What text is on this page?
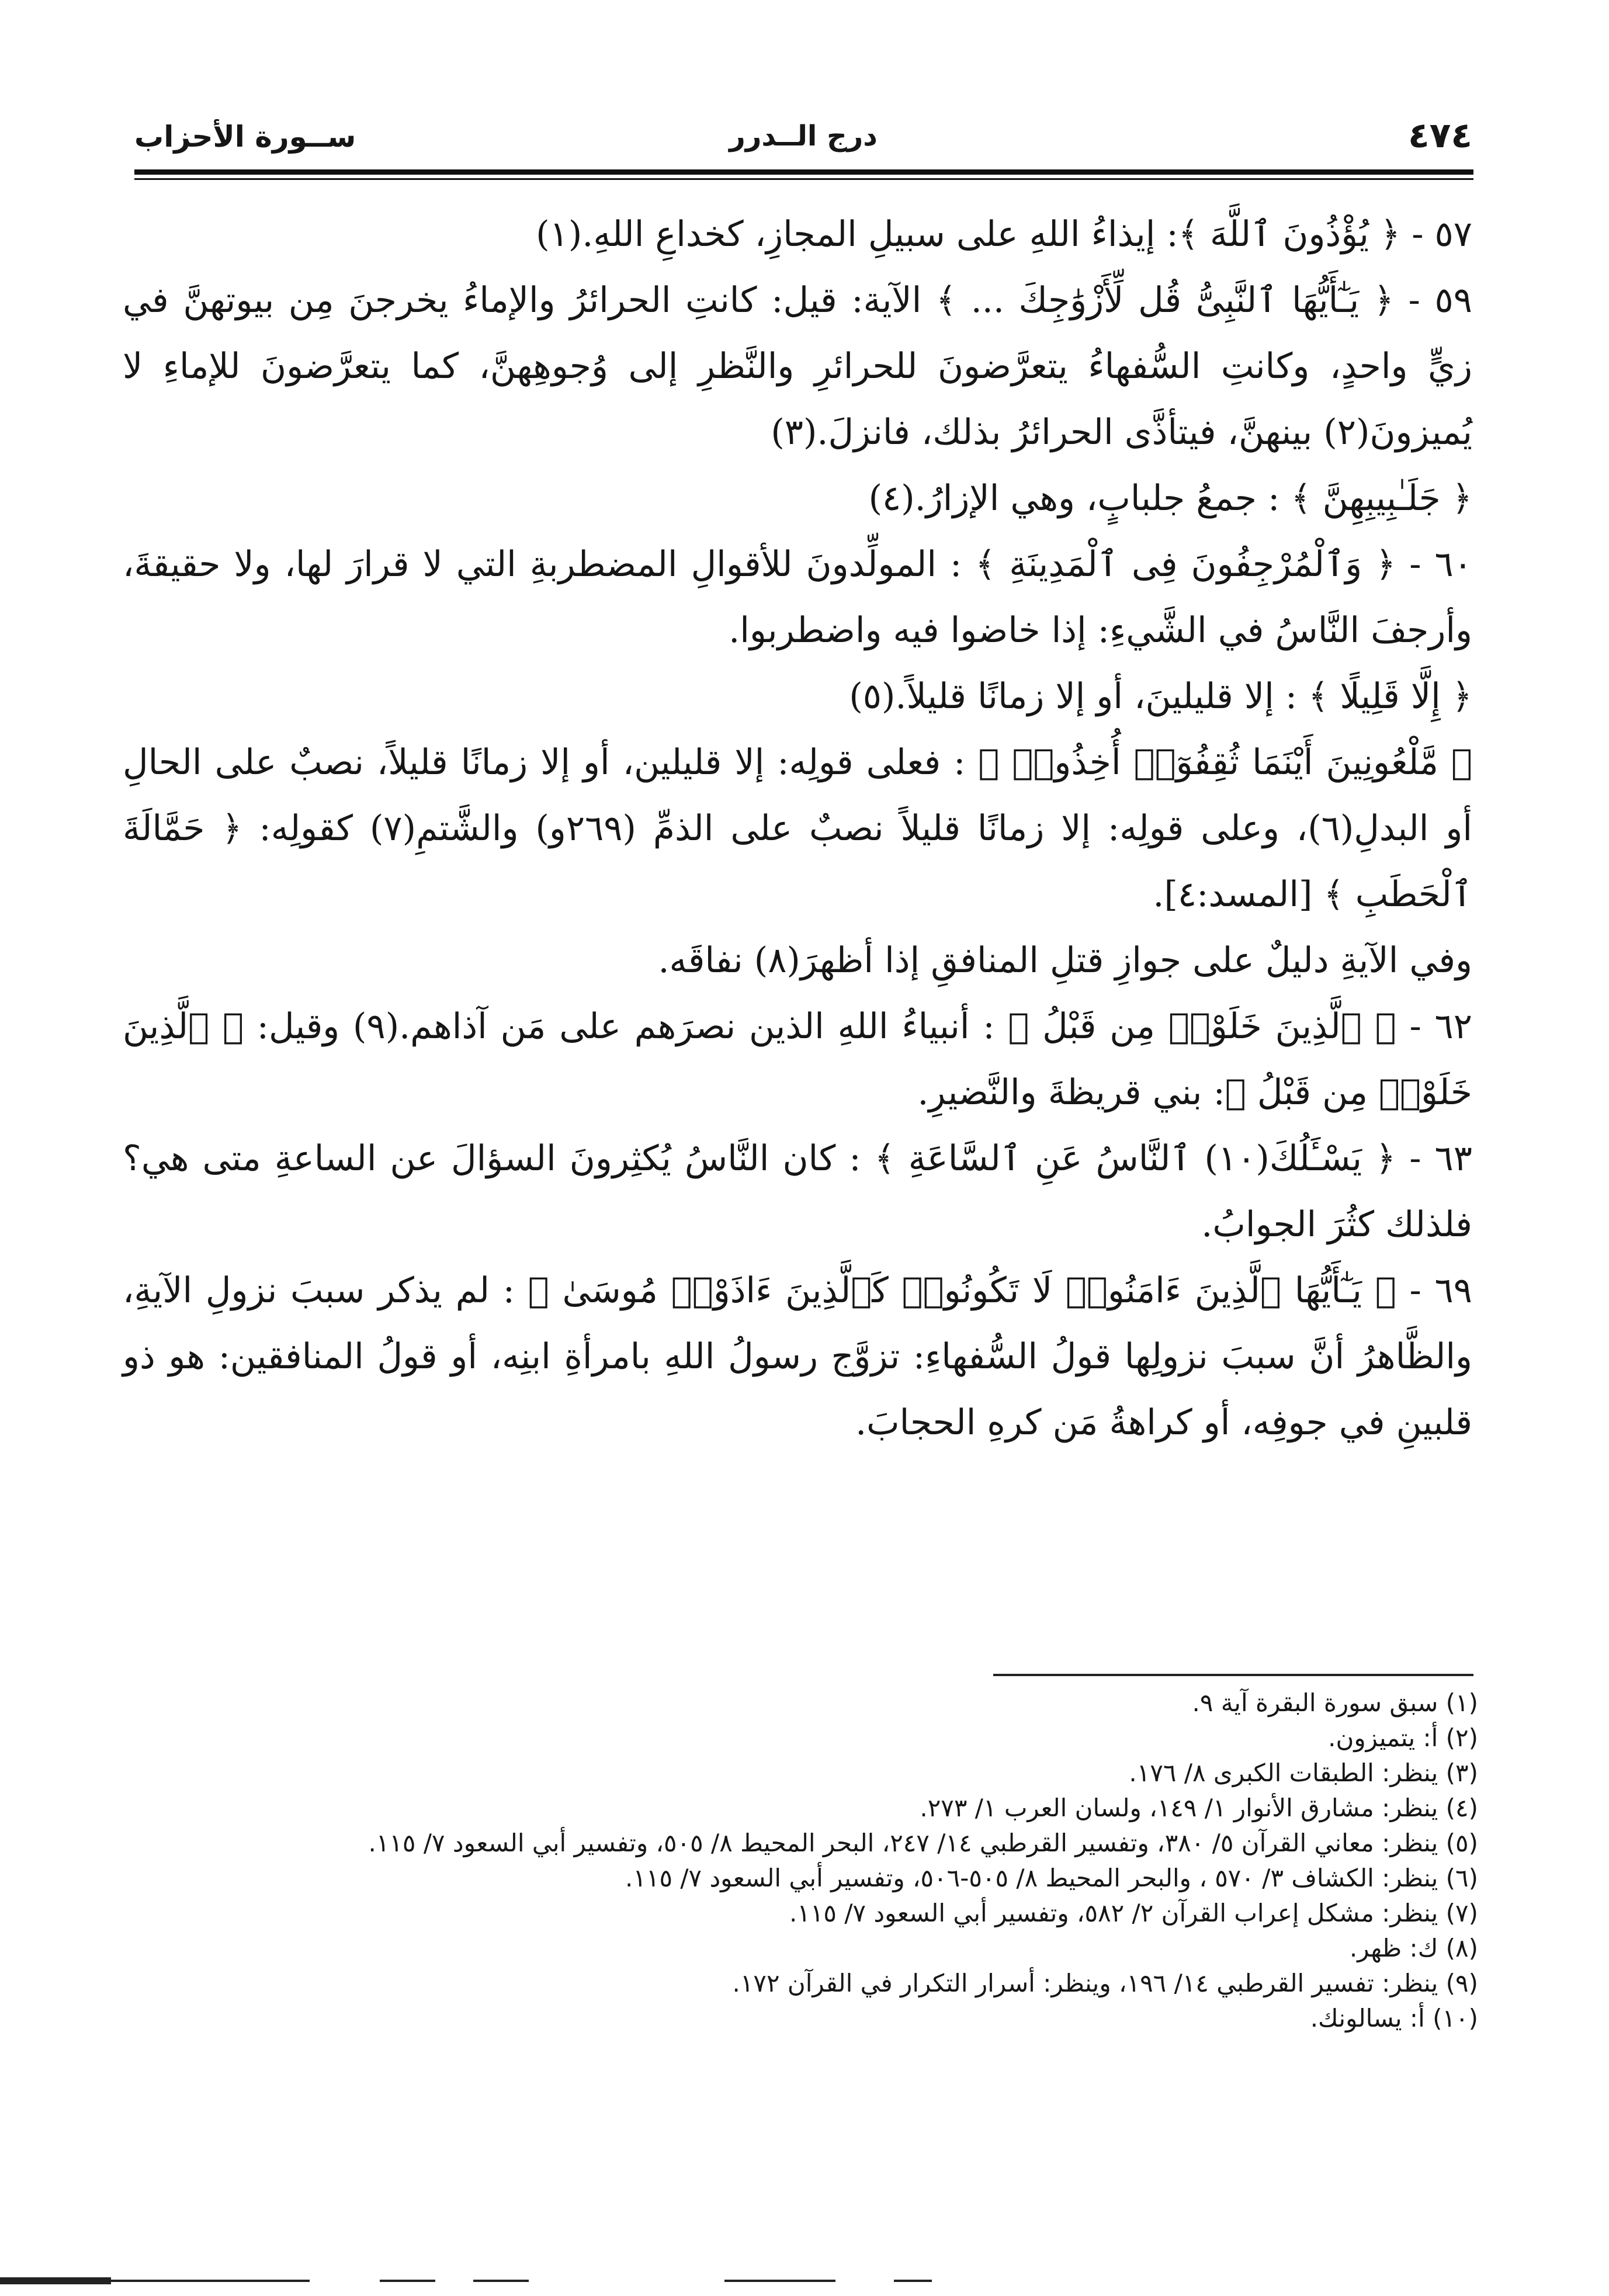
٤٧٤
درج الــدرر
ســورة الأحزاب

٥٧ - ﴿ يُؤْذُونَ ٱللَّهَ ﴾: إيذاءُ اللهِ على سبيلِ المجازِ، كخداعِ اللهِ.(١)

٥٩ - ﴿ يَـٰٓأَيُّهَا ٱلنَّبِىُّ قُل لِّأَزْوَٰجِكَ ... ﴾ الآية: قيل: كانتِ الحرائرُ والإماءُ يخرجنَ مِن بيوتهنَّ في زيٍّ واحدٍ، وكانتِ السُّفهاءُ يتعرَّضونَ للحرائرِ والنَّظرِ إلى وُجوهِهنَّ، كما يتعرَّضونَ للإماءِ لا يُميزونَ(٢) بينهنَّ، فيتأذَّى الحرائرُ بذلك، فانزلَ.(٣)

﴿ جَلَـٰبِيبِهِنَّ ﴾ : جمعُ جلبابٍ، وهي الإزارُ.(٤)

٦٠ - ﴿ وَٱلْمُرْجِفُونَ فِى ٱلْمَدِينَةِ ﴾ : المولِّدونَ للأقوالِ المضطربةِ التي لا قرارَ لها، ولا حقيقةَ، وأرجفَ النَّاسُ في الشَّيءِ: إذا خاضوا فيه واضطربوا.

﴿ إِلَّا قَلِيلًا ﴾ : إلا قليلينَ، أو إلا زمانًا قليلاً.(٥)

﴿ مَّلْعُونِينَ أَيْنَمَا ثُقِفُوٓا۟ أُخِذُوا۟ ﴾ : فعلى قولِه: إلا قليلين، أو إلا زمانًا قليلاً، نصبٌ على الحالِ أو البدلِ(٦)، وعلى قولِه: إلا زمانًا قليلاً نصبٌ على الذمِّ (٢٦٩و) والشَّتمِ(٧) كقولِه: ﴿ حَمَّالَةَ ٱلْحَطَبِ ﴾ [المسد:٤].

وفي الآيةِ دليلٌ على جوازِ قتلِ المنافقِ إذا أظهرَ(٨) نفاقَه.

٦٢ - ﴿ ٱلَّذِينَ خَلَوْا۟ مِن قَبْلُ ﴾ : أنبياءُ اللهِ الذين نصرَهم على مَن آذاهم.(٩) وقيل: ﴿ ٱلَّذِينَ خَلَوْا۟ مِن قَبْلُ ﴾: بني قريظةَ والنَّضيرِ.

٦٣ - ﴿ يَسْـَٔلُكَ(١٠) ٱلنَّاسُ عَنِ ٱلسَّاعَةِ ﴾ : كان النَّاسُ يُكثِرونَ السؤالَ عن الساعةِ متى هي؟ فلذلك كثُرَ الجوابُ.

٦٩ - ﴿ يَـٰٓأَيُّهَا ٱلَّذِينَ ءَامَنُوا۟ لَا تَكُونُوا۟ كَٱلَّذِينَ ءَاذَوْا۟ مُوسَىٰ ﴾ : لم يذكر سببَ نزولِ الآيةِ، والظَّاهرُ أنَّ سببَ نزولِها قولُ السُّفهاءِ: تزوَّج رسولُ اللهِ بامرأةِ ابنِه، أو قولُ المنافقين: هو ذو قلبينِ في جوفِه، أو كراهةُ مَن كرهِ الحجابَ.

(١) سبق سورة البقرة آية ٩.
(٢) أ: يتميزون.
(٣) ينظر: الطبقات الكبرى ٨/ ١٧٦.
(٤) ينظر: مشارق الأنوار ١/ ١٤٩، ولسان العرب ١/ ٢٧٣.
(٥) ينظر: معاني القرآن ٥/ ٣٨٠، وتفسير القرطبي ١٤/ ٢٤٧، البحر المحيط ٨/ ٥٠٥، وتفسير أبي السعود ٧/ ١١٥.
(٦) ينظر: الكشاف ٣/ ٥٧٠ ، والبحر المحيط ٨/ ٥٠٥-٥٠٦، وتفسير أبي السعود ٧/ ١١٥.
(٧) ينظر: مشكل إعراب القرآن ٢/ ٥٨٢، وتفسير أبي السعود ٧/ ١١٥.
(٨) ك: ظهر.
(٩) ينظر: تفسير القرطبي ١٤/ ١٩٦، وينظر: أسرار التكرار في القرآن ١٧٢.
(١٠) أ: يسالونك.
